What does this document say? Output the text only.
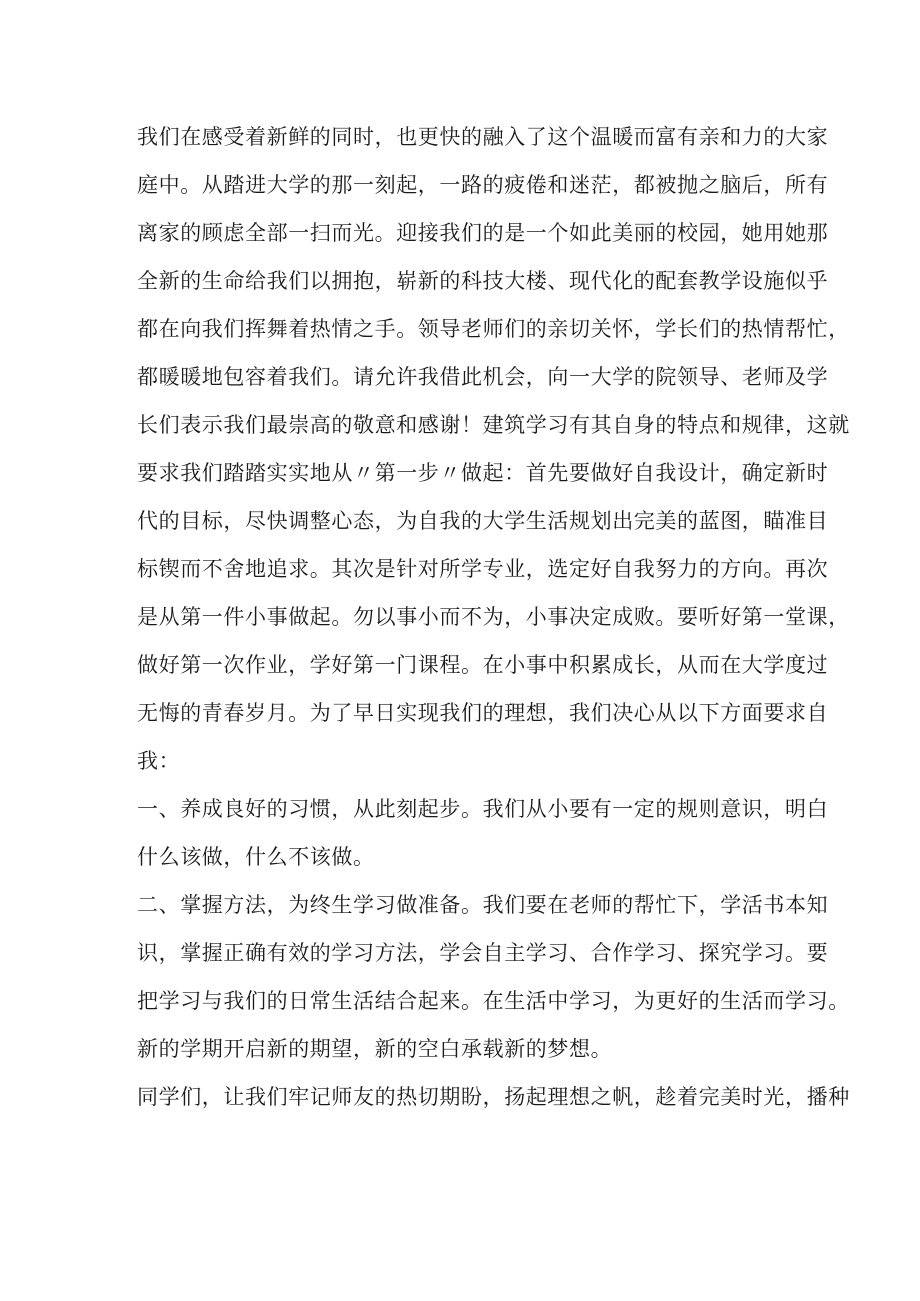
我们在感受着新鲜的同时，也更快的融入了这个温暖而富有亲和力的大家
庭中。从踏进大学的那一刻起，一路的疲倦和迷茫，都被抛之脑后，所有
离家的顾虑全部一扫而光。迎接我们的是一个如此美丽的校园，她用她那
全新的生命给我们以拥抱，崭新的科技大楼、现代化的配套教学设施似乎
都在向我们挥舞着热情之手。领导老师们的亲切关怀，学长们的热情帮忙，
都暖暖地包容着我们。请允许我借此机会，向一大学的院领导、老师及学
长们表示我们最崇高的敬意和感谢！建筑学习有其自身的特点和规律，这就
要求我们踏踏实实地从〃第一步〃做起：首先要做好自我设计，确定新时
代的目标，尽快调整心态，为自我的大学生活规划出完美的蓝图，瞄准目
标锲而不舍地追求。其次是针对所学专业，选定好自我努力的方向。再次
是从第一件小事做起。勿以事小而不为，小事决定成败。要听好第一堂课，
做好第一次作业，学好第一门课程。在小事中积累成长，从而在大学度过
无悔的青春岁月。为了早日实现我们的理想，我们决心从以下方面要求自
我：
一、养成良好的习惯，从此刻起步。我们从小要有一定的规则意识，明白
什么该做，什么不该做。
二、掌握方法，为终生学习做准备。我们要在老师的帮忙下，学活书本知
识，掌握正确有效的学习方法，学会自主学习、合作学习、探究学习。要
把学习与我们的日常生活结合起来。在生活中学习，为更好的生活而学习。
新的学期开启新的期望，新的空白承载新的梦想。
同学们，让我们牢记师友的热切期盼，扬起理想之帆，趁着完美时光，播种
